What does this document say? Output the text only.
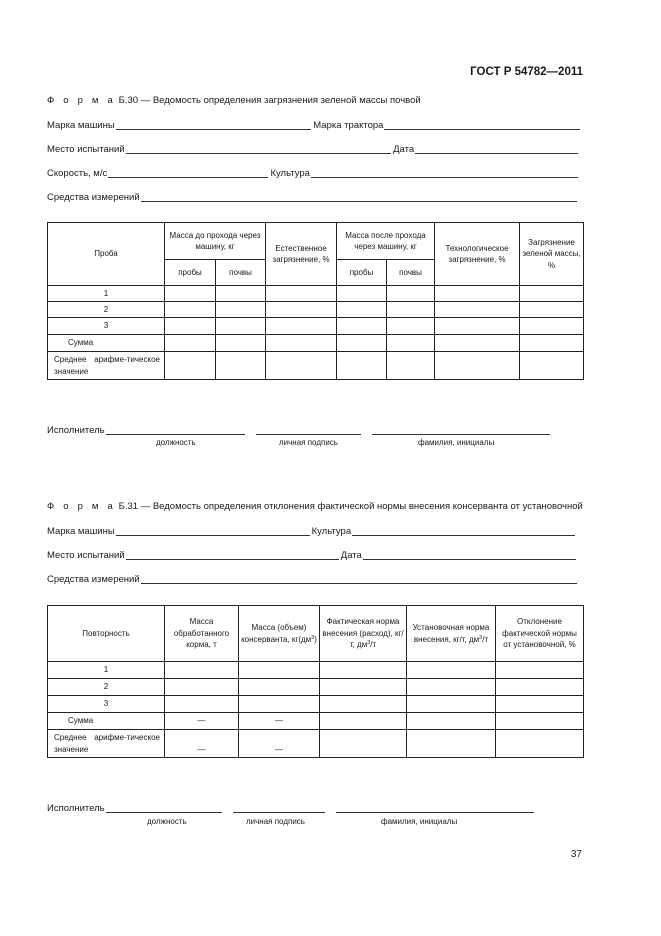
ГОСТ Р 54782—2011
Ф о р м а Б.30 — Ведомость определения загрязнения зеленой массы почвой
Марка машины	Марка трактора
Место испытаний	Дата
Скорость, м/с	Культура
Средства измерений
Проба	Масса до прохода через машину, кг		Естественное загрязнение, %	Масса после прохода через машину, кг		Технологическое загрязнение, %	Загрязнение зеленой массы, %
	пробы	почвы		пробы	почвы		
1							
2							
3							
Сумма							
Среднее арифме-тическое значение							
Исполнитель
должность	личная подпись	фамилия, инициалы
Ф о р м а Б.31 — Ведомость определения отклонения фактической нормы внесения консерванта от установочной
Марка машины	Культура
Место испытаний	Дата
Средства измерений
Повторность	Масса обработанного корма, т	Масса (объем) консерванта, $кг(дм^3)$	Фактическая норма внесения (расход), кг/т, $дм^3/т$	Установочная норма внесения, кг/т, $дм^3/т$	Отклонение фактической нормы от установочной, %
1					
2					
3					
Сумма	—	—			
Среднее арифме-тическое значение	—	—			
Исполнитель
должность	личная подпись	фамилия, инициалы
37
